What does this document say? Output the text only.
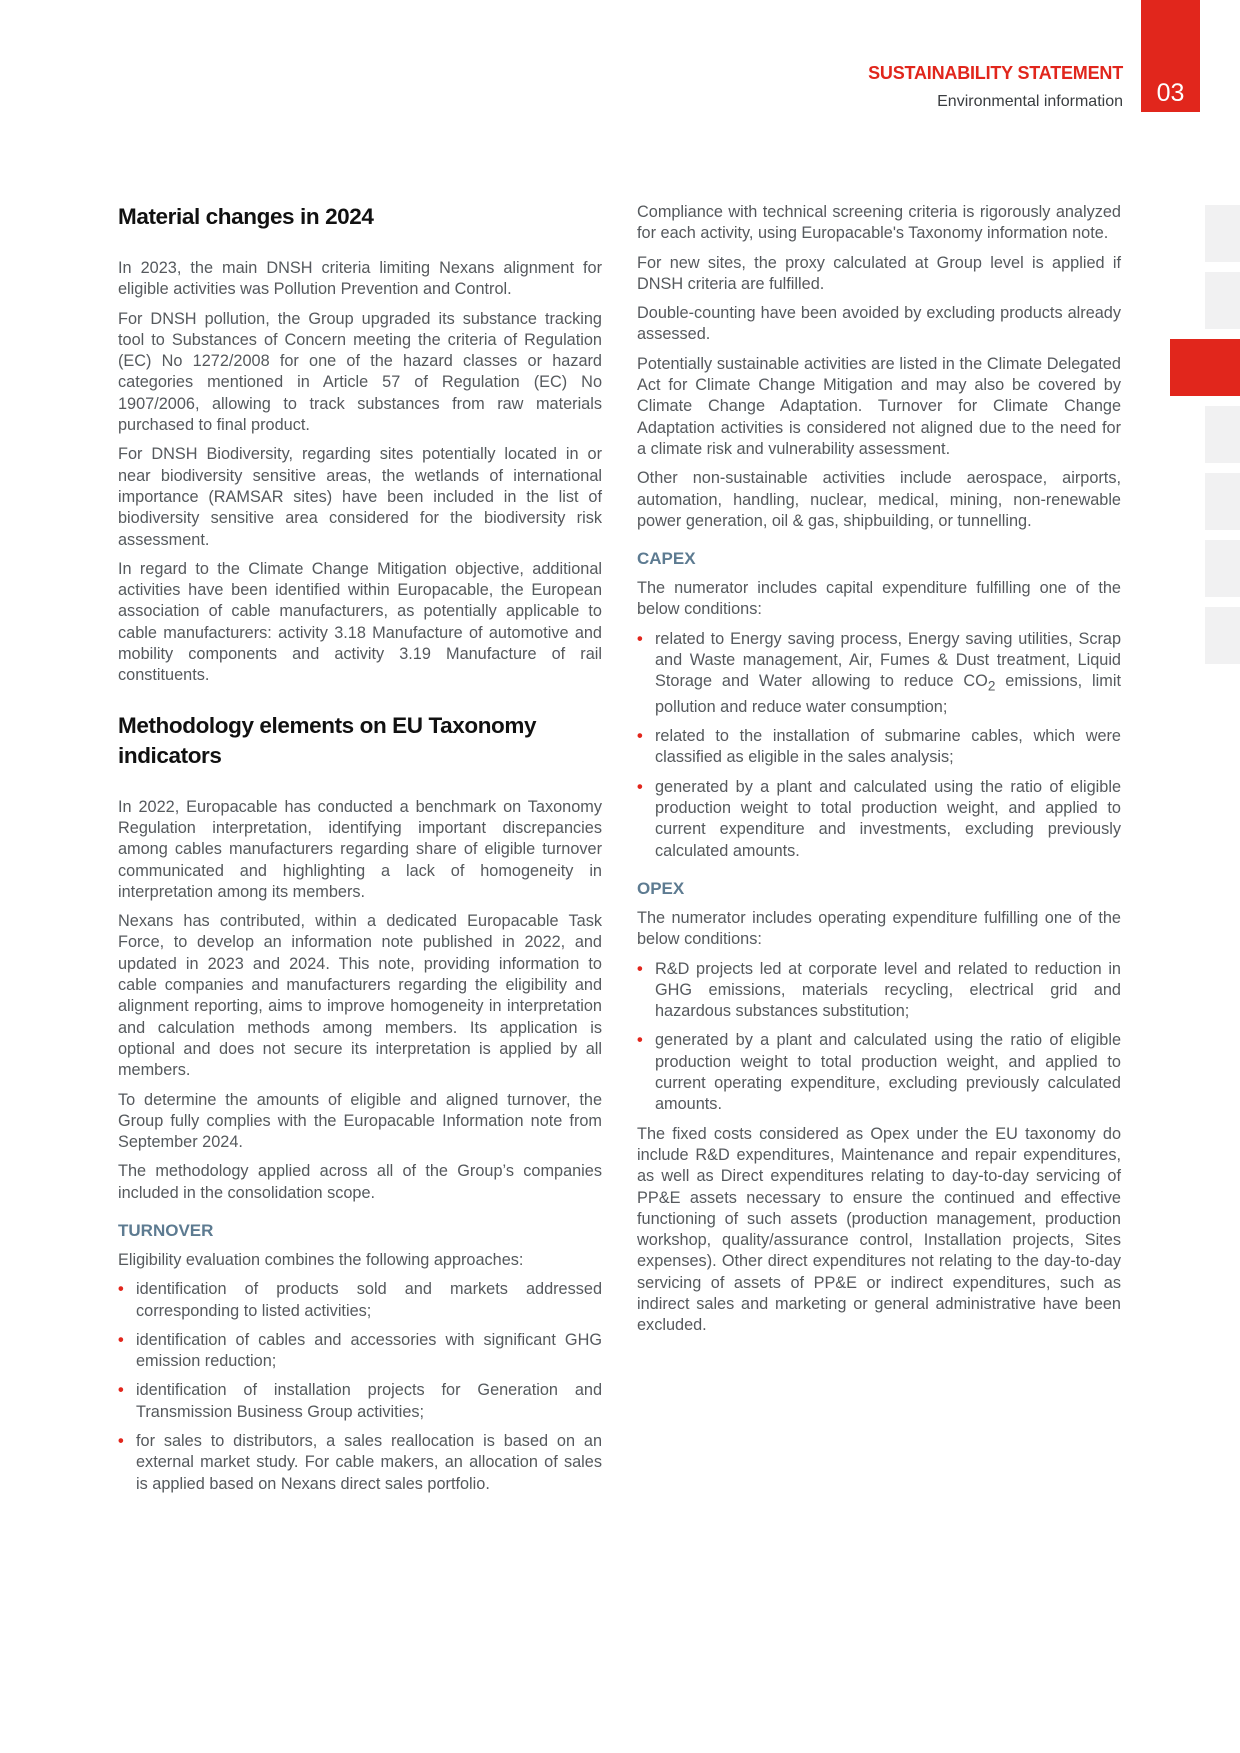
SUSTAINABILITY STATEMENT
Environmental information	03
Material changes in 2024

In 2023, the main DNSH criteria limiting Nexans alignment for eligible activities was Pollution Prevention and Control.

For DNSH pollution, the Group upgraded its substance tracking tool to Substances of Concern meeting the criteria of Regulation (EC) No 1272/2008 for one of the hazard classes or hazard categories mentioned in Article 57 of Regulation (EC) No 1907/2006, allowing to track substances from raw materials purchased to final product.

For DNSH Biodiversity, regarding sites potentially located in or near biodiversity sensitive areas, the wetlands of international importance (RAMSAR sites) have been included in the list of biodiversity sensitive area considered for the biodiversity risk assessment.

In regard to the Climate Change Mitigation objective, additional activities have been identified within Europacable, the European association of cable manufacturers, as potentially applicable to cable manufacturers: activity 3.18 Manufacture of automotive and mobility components and activity 3.19 Manufacture of rail constituents.

Methodology elements on EU Taxonomy indicators

In 2022, Europacable has conducted a benchmark on Taxonomy Regulation interpretation, identifying important discrepancies among cables manufacturers regarding share of eligible turnover communicated and highlighting a lack of homogeneity in interpretation among its members.

Nexans has contributed, within a dedicated Europacable Task Force, to develop an information note published in 2022, and updated in 2023 and 2024. This note, providing information to cable companies and manufacturers regarding the eligibility and alignment reporting, aims to improve homogeneity in interpretation and calculation methods among members. Its application is optional and does not secure its interpretation is applied by all members.

To determine the amounts of eligible and aligned turnover, the Group fully complies with the Europacable Information note from September 2024.

The methodology applied across all of the Group’s companies included in the consolidation scope.

TURNOVER

Eligibility evaluation combines the following approaches:

• identification of products sold and markets addressed corresponding to listed activities;
• identification of cables and accessories with significant GHG emission reduction;
• identification of installation projects for Generation and Transmission Business Group activities;
• for sales to distributors, a sales reallocation is based on an external market study. For cable makers, an allocation of sales is applied based on Nexans direct sales portfolio.

Compliance with technical screening criteria is rigorously analyzed for each activity, using Europacable's Taxonomy information note.

For new sites, the proxy calculated at Group level is applied if DNSH criteria are fulfilled.

Double-counting have been avoided by excluding products already assessed.

Potentially sustainable activities are listed in the Climate Delegated Act for Climate Change Mitigation and may also be covered by Climate Change Adaptation. Turnover for Climate Change Adaptation activities is considered not aligned due to the need for a climate risk and vulnerability assessment.

Other non-sustainable activities include aerospace, airports, automation, handling, nuclear, medical, mining, non-renewable power generation, oil & gas, shipbuilding, or tunnelling.

CAPEX

The numerator includes capital expenditure fulfilling one of the below conditions:

• related to Energy saving process, Energy saving utilities, Scrap and Waste management, Air, Fumes & Dust treatment, Liquid Storage and Water allowing to reduce $CO_2$ emissions, limit pollution and reduce water consumption;
• related to the installation of submarine cables, which were classified as eligible in the sales analysis;
• generated by a plant and calculated using the ratio of eligible production weight to total production weight, and applied to current expenditure and investments, excluding previously calculated amounts.
OPEX

The numerator includes operating expenditure fulfilling one of the below conditions:

• R&D projects led at corporate level and related to reduction in GHG emissions, materials recycling, electrical grid and hazardous substances substitution;
• generated by a plant and calculated using the ratio of eligible production weight to total production weight, and applied to current operating expenditure, excluding previously calculated amounts.

The fixed costs considered as Opex under the EU taxonomy do include R&D expenditures, Maintenance and repair expenditures, as well as Direct expenditures relating to day-to-day servicing of PP&E assets necessary to ensure the continued and effective functioning of such assets (production management, production workshop, quality/assurance control, Installation projects, Sites expenses). Other direct expenditures not relating to the day-to-day servicing of assets of PP&E or indirect expenditures, such as indirect sales and marketing or general administrative have been excluded.
